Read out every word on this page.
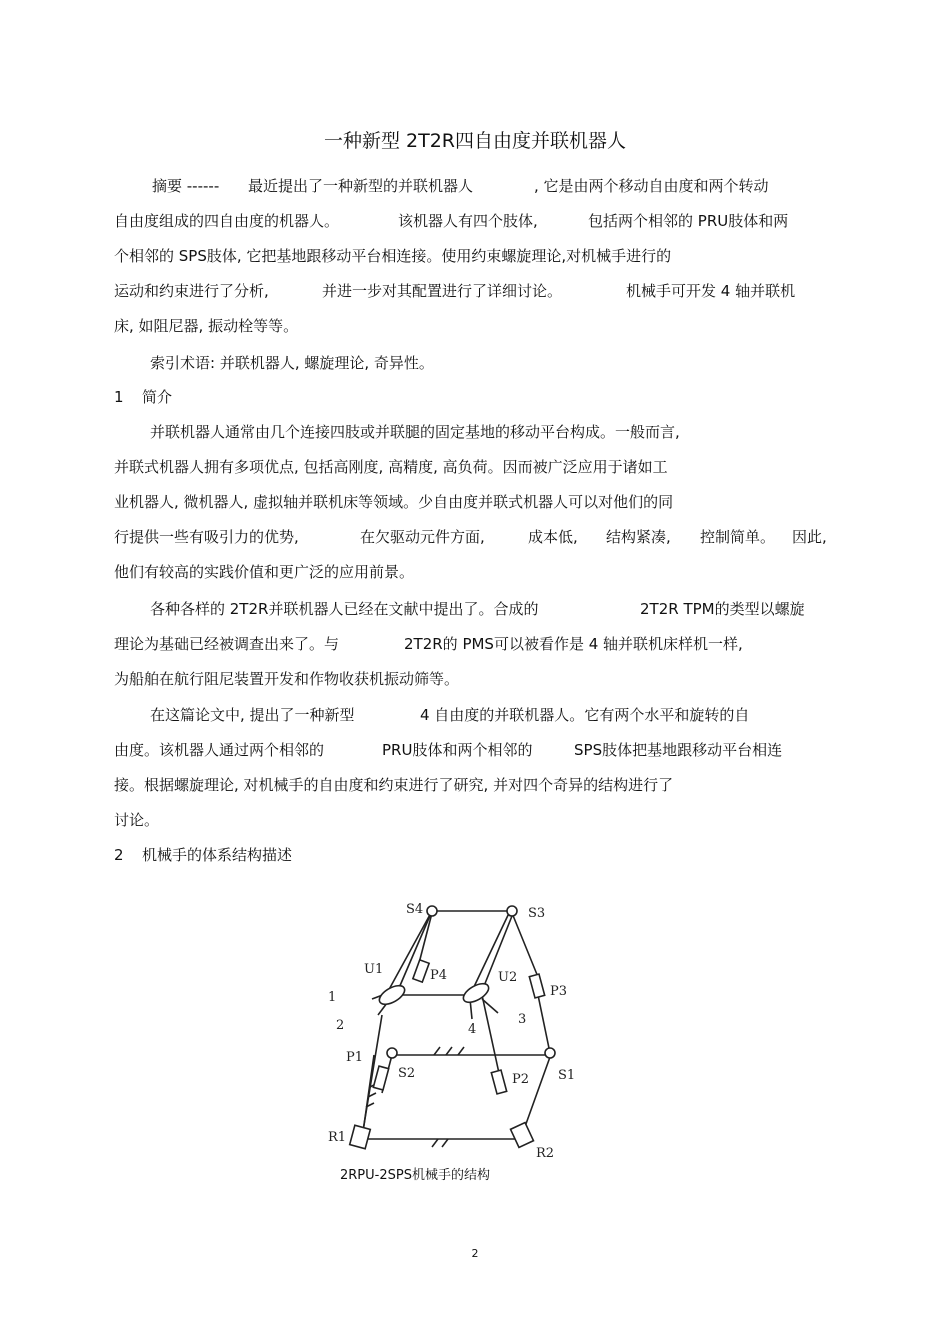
一种新型 2T2R四自由度并联机器人
摘要 ------ 最近提出了一种新型的并联机器人	, 它是由两个移动自由度和两个转动
自由度组成的四自由度的机器人。	该机器人有四个肢体,	包括两个相邻的 PRU肢体和两
个相邻的 SPS肢体, 它把基地跟移动平台相连接。使用约束螺旋理论,对机械手进行的
运动和约束进行了分析,	并进一步对其配置进行了详细讨论。	机械手可开发 4 轴并联机
床, 如阻尼器, 振动栓等等。
索引术语: 并联机器人, 螺旋理论, 奇异性。
1 简介
并联机器人通常由几个连接四肢或并联腿的固定基地的移动平台构成。一般而言,
并联式机器人拥有多项优点, 包括高刚度, 高精度, 高负荷。因而被广泛应用于诸如工
业机器人, 微机器人, 虚拟轴并联机床等领域。少自由度并联式机器人可以对他们的同
行提供一些有吸引力的优势,	在欠驱动元件方面,	成本低, 结构紧凑, 控制简单。 因此,
他们有较高的实践价值和更广泛的应用前景。
各种各样的 2T2R并联机器人已经在文献中提出了。合成的	2T2R TPM的类型以螺旋
理论为基础已经被调查出来了。与	2T2R的 PMS可以被看作是 4 轴并联机床样机一样,
为船舶在航行阻尼装置开发和作物收获机振动筛等。
在这篇论文中, 提出了一种新型	4 自由度的并联机器人。它有两个水平和旋转的自
由度。该机器人通过两个相邻的	PRU肢体和两个相邻的	SPS肢体把基地跟移动平台相连
接。根据螺旋理论, 对机械手的自由度和约束进行了研究, 并对四个奇异的结构进行了
讨论。
2 机械手的体系结构描述
S4	S3
U1	P4	U2
P3
1
2	3
4
P1
S2	P2 S1
R1
R2
2RPU-2SPS机械手的结构
2
